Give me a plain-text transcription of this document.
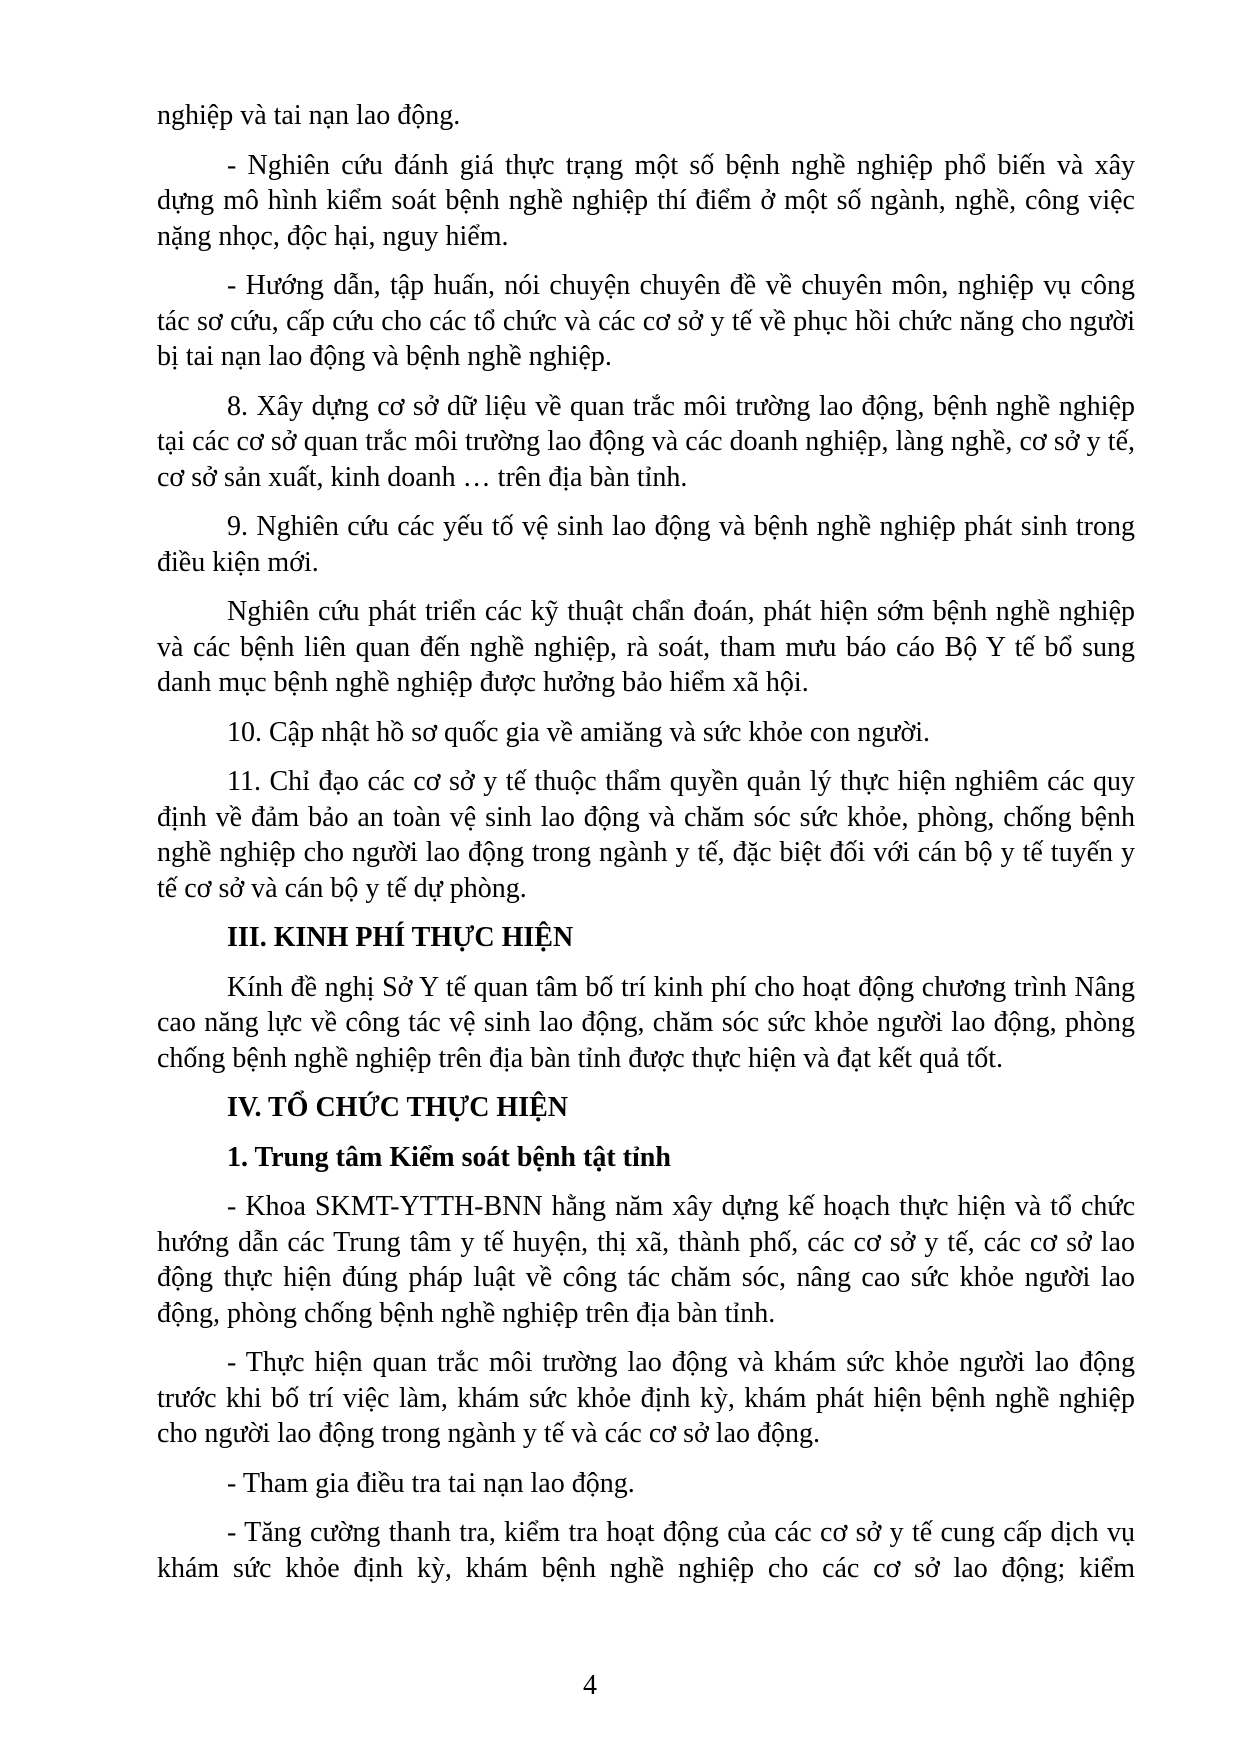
nghiệp và tai nạn lao động.

- Nghiên cứu đánh giá thực trạng một số bệnh nghề nghiệp phổ biến và xây dựng mô hình kiểm soát bệnh nghề nghiệp thí điểm ở một số ngành, nghề, công việc nặng nhọc, độc hại, nguy hiểm.

- Hướng dẫn, tập huấn, nói chuyện chuyên đề về chuyên môn, nghiệp vụ công tác sơ cứu, cấp cứu cho các tổ chức và các cơ sở y tế về phục hồi chức năng cho người bị tai nạn lao động và bệnh nghề nghiệp.

8. Xây dựng cơ sở dữ liệu về quan trắc môi trường lao động, bệnh nghề nghiệp tại các cơ sở quan trắc môi trường lao động và các doanh nghiệp, làng nghề, cơ sở y tế, cơ sở sản xuất, kinh doanh … trên địa bàn tỉnh.

9. Nghiên cứu các yếu tố vệ sinh lao động và bệnh nghề nghiệp phát sinh trong điều kiện mới.

Nghiên cứu phát triển các kỹ thuật chẩn đoán, phát hiện sớm bệnh nghề nghiệp và các bệnh liên quan đến nghề nghiệp, rà soát, tham mưu báo cáo Bộ Y tế bổ sung danh mục bệnh nghề nghiệp được hưởng bảo hiểm xã hội.

10. Cập nhật hồ sơ quốc gia về amiăng và sức khỏe con người.

11. Chỉ đạo các cơ sở y tế thuộc thẩm quyền quản lý thực hiện nghiêm các quy định về đảm bảo an toàn vệ sinh lao động và chăm sóc sức khỏe, phòng, chống bệnh nghề nghiệp cho người lao động trong ngành y tế, đặc biệt đối với cán bộ y tế tuyến y tế cơ sở và cán bộ y tế dự phòng.

III. KINH PHÍ THỰC HIỆN

Kính đề nghị Sở Y tế quan tâm bố trí kinh phí cho hoạt động chương trình Nâng cao năng lực về công tác vệ sinh lao động, chăm sóc sức khỏe người lao động, phòng chống bệnh nghề nghiệp trên địa bàn tỉnh được thực hiện và đạt kết quả tốt.

IV. TỔ CHỨC THỰC HIỆN

1. Trung tâm Kiểm soát bệnh tật tỉnh

- Khoa SKMT-YTTH-BNN hằng năm xây dựng kế hoạch thực hiện và tổ chức hướng dẫn các Trung tâm y tế huyện, thị xã, thành phố, các cơ sở y tế, các cơ sở lao động thực hiện đúng pháp luật về công tác chăm sóc, nâng cao sức khỏe người lao động, phòng chống bệnh nghề nghiệp trên địa bàn tỉnh.

- Thực hiện quan trắc môi trường lao động và khám sức khỏe người lao động trước khi bố trí việc làm, khám sức khỏe định kỳ, khám phát hiện bệnh nghề nghiệp cho người lao động trong ngành y tế và các cơ sở lao động.

- Tham gia điều tra tai nạn lao động.

- Tăng cường thanh tra, kiểm tra hoạt động của các cơ sở y tế cung cấp dịch vụ khám sức khỏe định kỳ, khám bệnh nghề nghiệp cho các cơ sở lao động; kiểm

4
